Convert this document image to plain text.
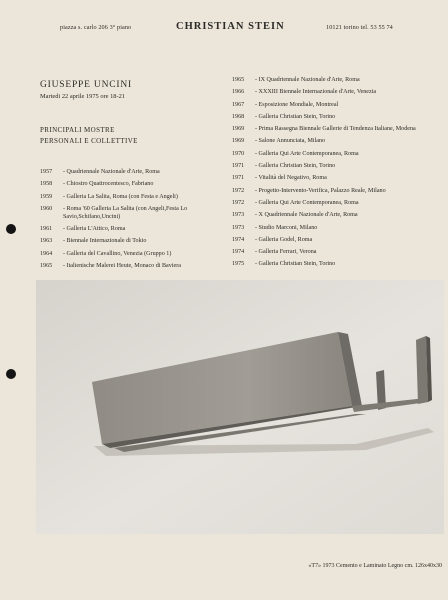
piazza s. carlo 206 3° piano	CHRISTIAN STEIN	10121 torino tel. 53 55 74
GIUSEPPE UNCINI
Martedi 22 aprile 1975 ore 18-21
PRINCIPALI MOSTRE
PERSONALI E COLLETTIVE
1957 - Quadriennale Nazionale d'Arte, Roma
1958 - Chiostro Quattrocentesco, Fabriano
1959 - Galleria La Salita, Roma (con Festa e Angeli)
1960 - Roma '60 Galleria La Salita (con Angeli,Festa Lo Savio,Schifano,Uncini)
1961 - Galleria L'Attico, Roma
1963 - Biennale Internazionale di Tokio
1964 - Galleria del Cavallino, Venezia (Gruppo 1)
1965 - Italienische Malerei Heute, Monaco di Baviera
1965 - IX Quadriennale Nazionale d'Arte, Roma
1966 - XXXIII Biennale Internazionale d'Arte, Venezia
1967 - Esposizione Mondiale, Montreal
1968 - Galleria Christian Stein, Torino
1969 - Prima Rassegna Biennale Gallerie di Tendenza Italiane, Modena
1969 - Salone Annunciata, Milano
1970 - Galleria Qui Arte Contemporanea, Roma
1971 - Galleria Christian Stein, Torino
1971 - Vitalità del Negativo, Roma
1972 - Progetto-Intervento-Verifica, Palazzo Reale, Milano
1972 - Galleria Qui Arte Contemporanea, Roma
1973 - X Quadriennale Nazionale d'Arte, Roma
1973 - Studio Marconi, Milano
1974 - Galleria Godel, Roma
1974 - Galleria Ferrari, Verona
1975 - Galleria Christian Stein, Torino
«T7» 1973 Cemento e Laminato Legno cm. 126x40x30
